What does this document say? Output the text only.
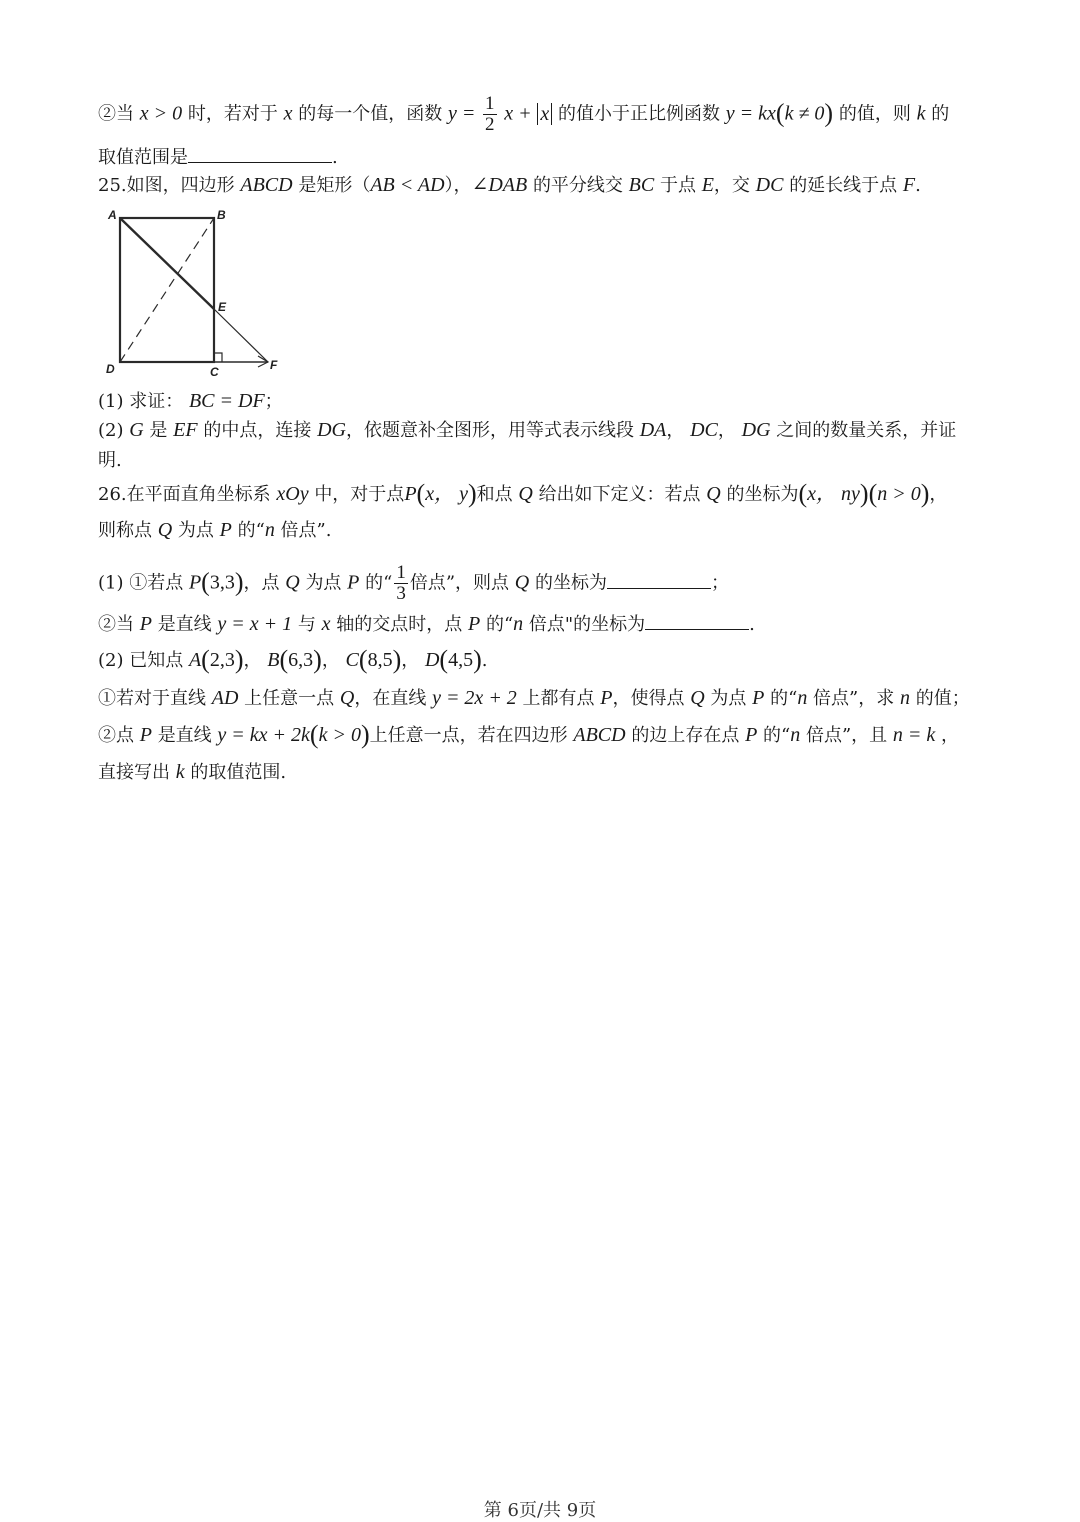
②当 x > 0 时，若对于 x 的每一个值，函数 $y = \frac{1}{2}$ x + x 的值小于正比例函数 y = kx(k ≠ 0) 的值，则 k 的
取值范围是	.
25.如图，四边形 ABCD 是矩形（AB < AD），∠DAB 的平分线交 BC 于点 E，交 DC 的延长线于点 F.
A	B
E
D	C	F
(1) 求证： BC = DF；
(2) G 是 EF 的中点，连接 DG，依题意补全图形，用等式表示线段 DA， DC， DG 之间的数量关系，并证
明.
26.在平面直角坐标系 xOy 中，对于点P(x， y)和点 Q 给出如下定义：若点 Q 的坐标为(x， ny)(n > 0)，
则称点 Q 为点 P 的“n 倍点”.
(1) ①若点 P(3,3)，点 Q 为点 P 的“ $\frac{1}{3}$ 倍点”，则点 Q 的坐标为	；
②当 P 是直线 y = x + 1 与 x 轴的交点时，点 P 的“n 倍点"的坐标为	.
(2) 已知点 A(2,3)， B(6,3)， C(8,5)， D(4,5).
①若对于直线 AD 上任意一点 Q，在直线 y = 2x + 2 上都有点 P，使得点 Q 为点 P 的“n 倍点”，求 n 的值；
②点 P 是直线 y = kx + 2k(k > 0)上任意一点，若在四边形 ABCD 的边上存在点 P 的“n 倍点”，且 n = k ，
直接写出 k 的取值范围.
第 6页/共 9页
